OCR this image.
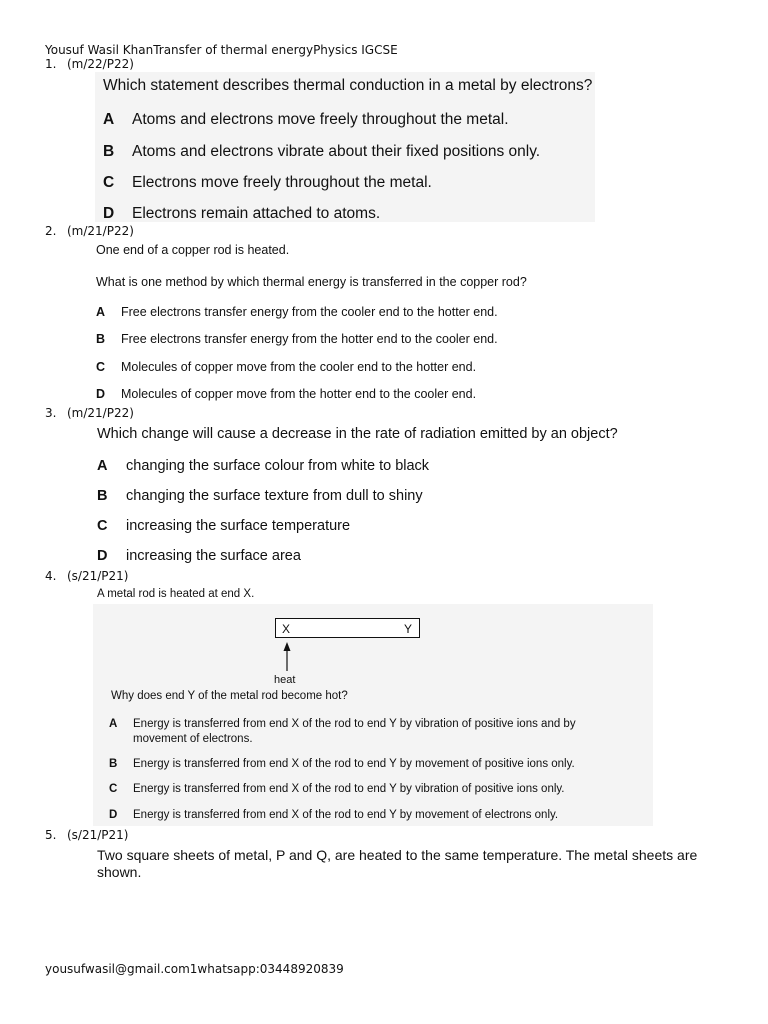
Yousuf Wasil KhanTransfer of thermal energyPhysics IGCSE
1. (m/22/P22)
Which statement describes thermal conduction in a metal by electrons?
A Atoms and electrons move freely throughout the metal.
B Atoms and electrons vibrate about their fixed positions only.
C Electrons move freely throughout the metal.
D Electrons remain attached to atoms.
2. (m/21/P22)
One end of a copper rod is heated.
What is one method by which thermal energy is transferred in the copper rod?
A Free electrons transfer energy from the cooler end to the hotter end.
B Free electrons transfer energy from the hotter end to the cooler end.
C Molecules of copper move from the cooler end to the hotter end.
D Molecules of copper move from the hotter end to the cooler end.
3. (m/21/P22)
Which change will cause a decrease in the rate of radiation emitted by an object?
A changing the surface colour from white to black
B changing the surface texture from dull to shiny
C increasing the surface temperature
D increasing the surface area
4. (s/21/P21)
A metal rod is heated at end X.
X	Y
heat
Why does end Y of the metal rod become hot?
A Energy is transferred from end X of the rod to end Y by vibration of positive ions and by
movement of electrons.
B Energy is transferred from end X of the rod to end Y by movement of positive ions only.
C Energy is transferred from end X of the rod to end Y by vibration of positive ions only.
D Energy is transferred from end X of the rod to end Y by movement of electrons only.
5. (s/21/P21)
Two square sheets of metal, P and Q, are heated to the same temperature. The metal sheets are
shown.
yousufwasil@gmail.com1whatsapp:03448920839
